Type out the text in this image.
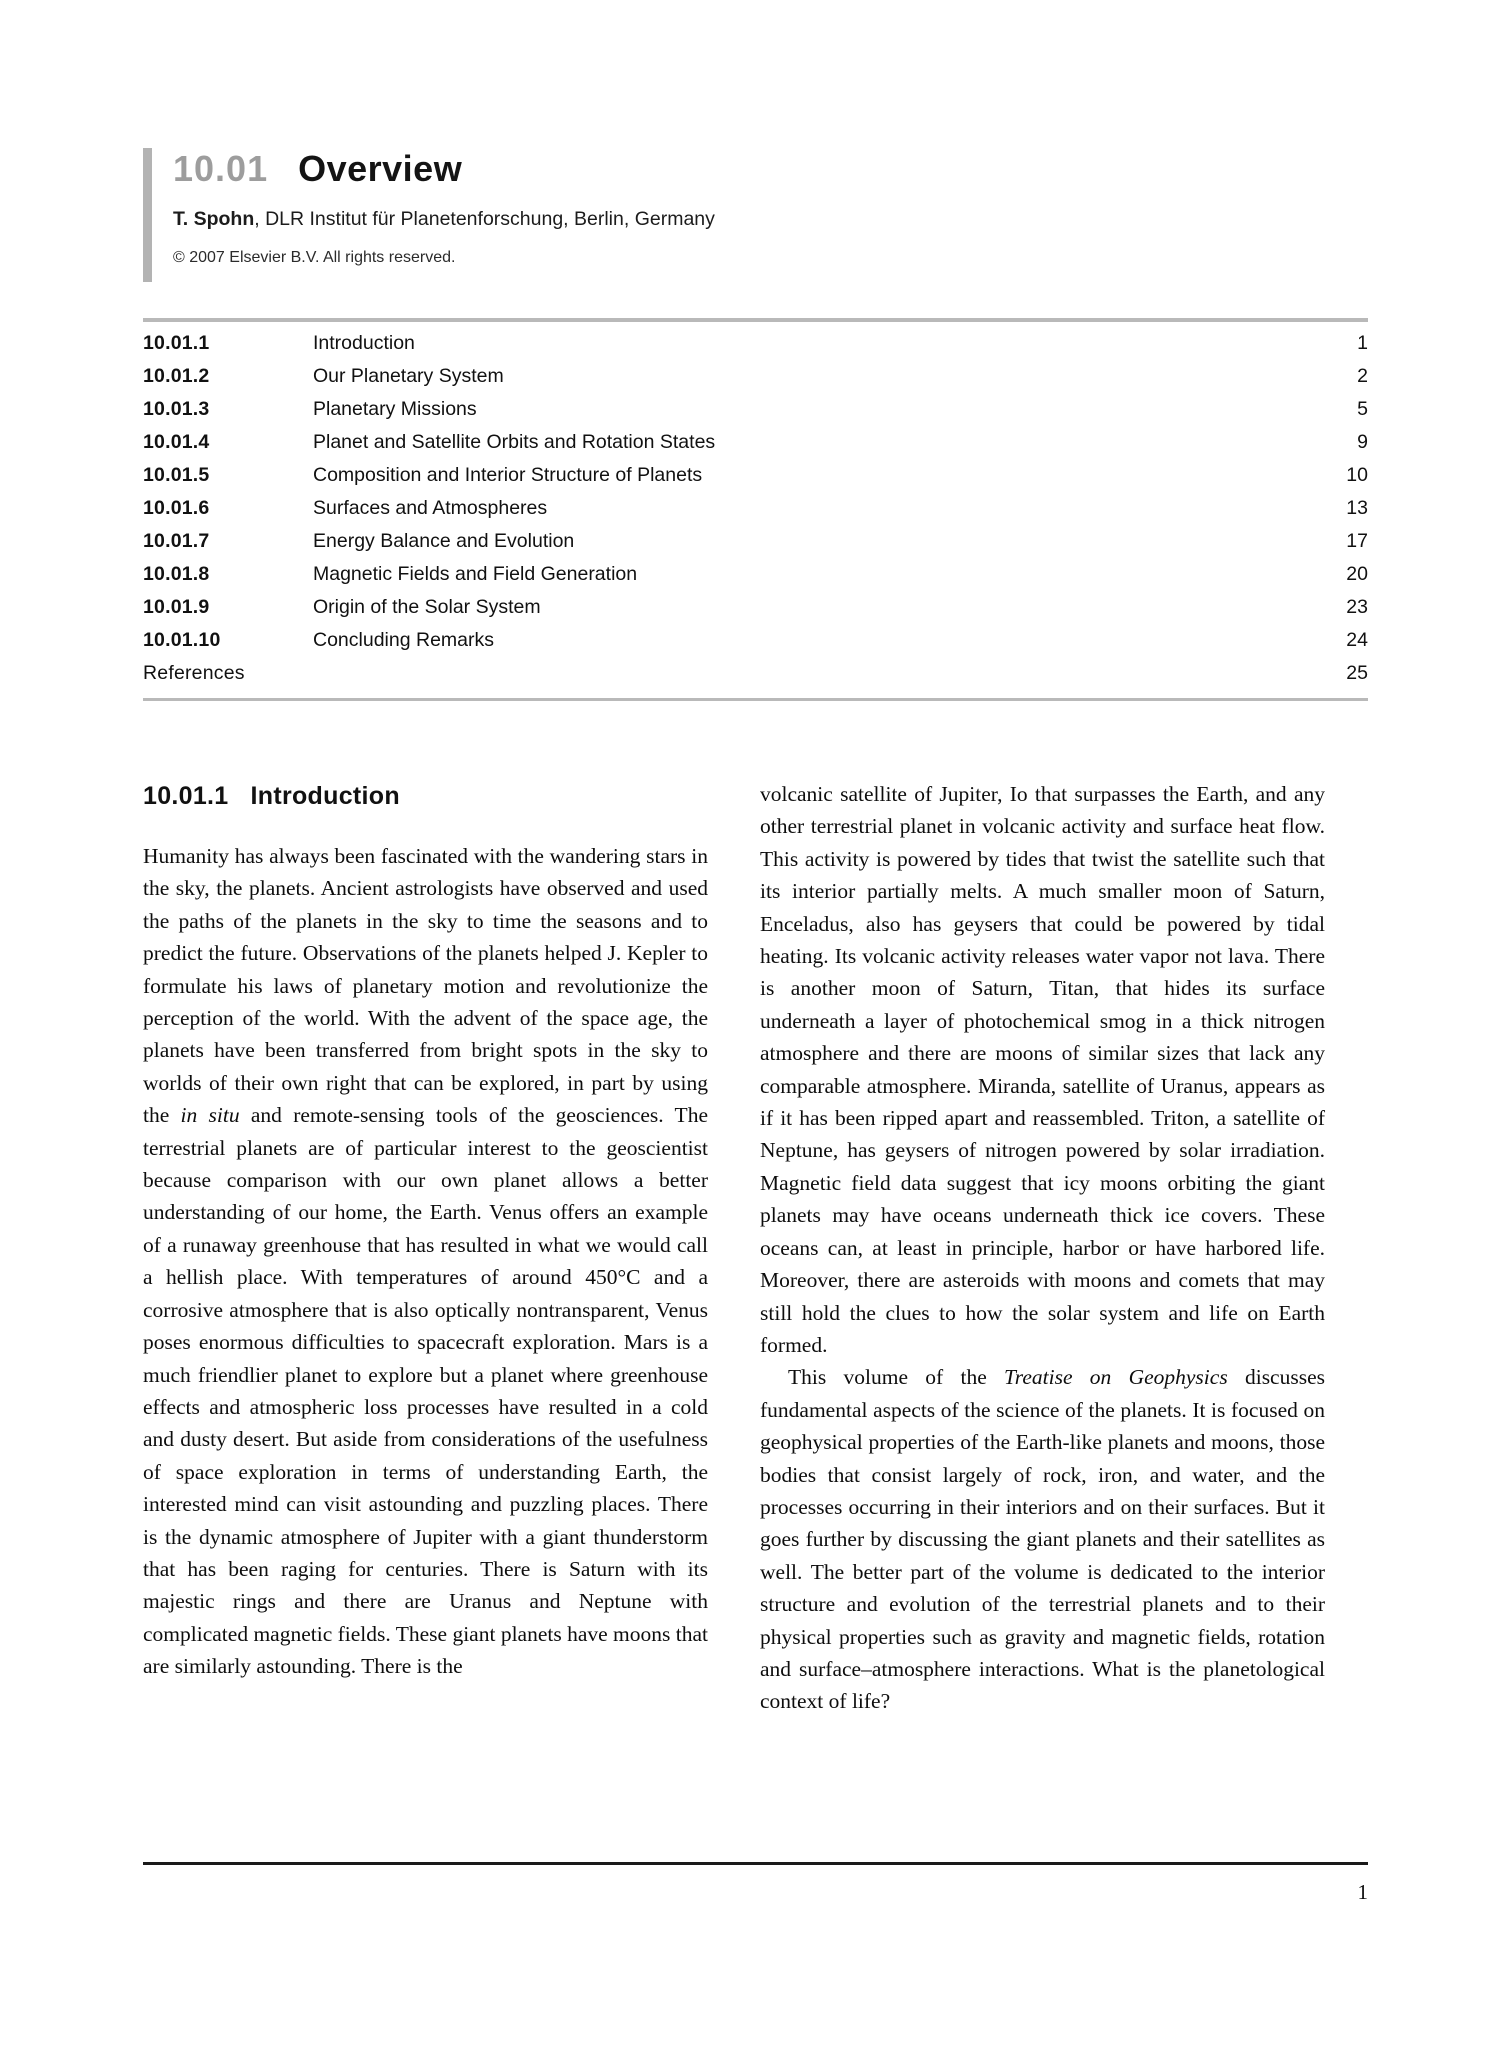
10.01 Overview
T. Spohn, DLR Institut für Planetenforschung, Berlin, Germany
© 2007 Elsevier B.V. All rights reserved.
10.01.1	Introduction	1
10.01.2	Our Planetary System	2
10.01.3	Planetary Missions	5
10.01.4	Planet and Satellite Orbits and Rotation States	9
10.01.5	Composition and Interior Structure of Planets	10
10.01.6	Surfaces and Atmospheres	13
10.01.7	Energy Balance and Evolution	17
10.01.8	Magnetic Fields and Field Generation	20
10.01.9	Origin of the Solar System	23
10.01.10	Concluding Remarks	24
References	25
10.01.1 Introduction

Humanity has always been fascinated with the wandering stars in the sky, the planets. Ancient astrologists have observed and used the paths of the planets in the sky to time the seasons and to predict the future. Observations of the planets helped J. Kepler to formulate his laws of planetary motion and revolutionize the perception of the world. With the advent of the space age, the planets have been transferred from bright spots in the sky to worlds of their own right that can be explored, in part by using the in situ and remote-sensing tools of the geosciences. The terrestrial planets are of particular interest to the geoscientist because comparison with our own planet allows a better understanding of our home, the Earth. Venus offers an example of a runaway greenhouse that has resulted in what we would call a hellish place. With temperatures of around 450°C and a corrosive atmosphere that is also optically nontransparent, Venus poses enormous difficulties to spacecraft exploration. Mars is a much friendlier planet to explore but a planet where greenhouse effects and atmospheric loss processes have resulted in a cold and dusty desert. But aside from considerations of the usefulness of space exploration in terms of understanding Earth, the interested mind can visit astounding and puzzling places. There is the dynamic atmosphere of Jupiter with a giant thunderstorm that has been raging for centuries. There is Saturn with its majestic rings and there are Uranus and Neptune with complicated magnetic fields. These giant planets have moons that are similarly astounding. There is the

volcanic satellite of Jupiter, Io that surpasses the Earth, and any other terrestrial planet in volcanic activity and surface heat flow. This activity is powered by tides that twist the satellite such that its interior partially melts. A much smaller moon of Saturn, Enceladus, also has geysers that could be powered by tidal heating. Its volcanic activity releases water vapor not lava. There is another moon of Saturn, Titan, that hides its surface underneath a layer of photochemical smog in a thick nitrogen atmosphere and there are moons of similar sizes that lack any comparable atmosphere. Miranda, satellite of Uranus, appears as if it has been ripped apart and reassembled. Triton, a satellite of Neptune, has geysers of nitrogen powered by solar irradiation. Magnetic field data suggest that icy moons orbiting the giant planets may have oceans underneath thick ice covers. These oceans can, at least in principle, harbor or have harbored life. Moreover, there are asteroids with moons and comets that may still hold the clues to how the solar system and life on Earth formed.

This volume of the Treatise on Geophysics discusses fundamental aspects of the science of the planets. It is focused on geophysical properties of the Earth-like planets and moons, those bodies that consist largely of rock, iron, and water, and the processes occurring in their interiors and on their surfaces. But it goes further by discussing the giant planets and their satellites as well. The better part of the volume is dedicated to the interior structure and evolution of the terrestrial planets and to their physical properties such as gravity and magnetic fields, rotation and surface–atmosphere interactions. What is the planetological context of life?

1
